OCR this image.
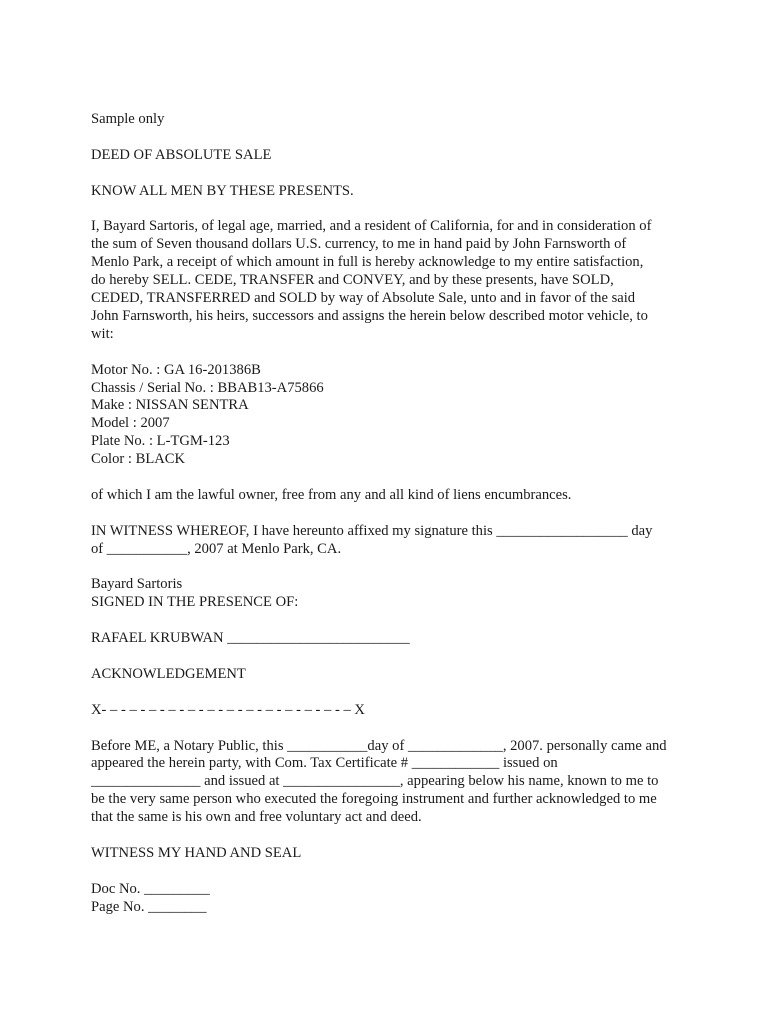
Sample only

DEED OF ABSOLUTE SALE

KNOW ALL MEN BY THESE PRESENTS.

I, Bayard Sartoris, of legal age, married, and a resident of California, for and in consideration of
the sum of Seven thousand dollars U.S. currency, to me in hand paid by John Farnsworth of
Menlo Park, a receipt of which amount in full is hereby acknowledge to my entire satisfaction,
do hereby SELL. CEDE, TRANSFER and CONVEY, and by these presents, have SOLD,
CEDED, TRANSFERRED and SOLD by way of Absolute Sale, unto and in favor of the said
John Farnsworth, his heirs, successors and assigns the herein below described motor vehicle, to
wit:
Motor No. : GA 16-201386B
Chassis / Serial No. : BBAB13-A75866
Make : NISSAN SENTRA
Model : 2007
Plate No. : L-TGM-123
Color : BLACK

of which I am the lawful owner, free from any and all kind of liens encumbrances.

IN WITNESS WHEREOF, I have hereunto affixed my signature this __________________ day
of ___________, 2007 at Menlo Park, CA.

Bayard Sartoris

SIGNED IN THE PRESENCE OF:

RAFAEL KRUBWAN _________________________

ACKNOWLEDGEMENT

X- – - – - – - – - – - – - – - – - – - – - – - – - – X

Before ME, a Notary Public, this ___________day of _____________, 2007. personally came and
appeared the herein party, with Com. Tax Certificate # ____________ issued on
_______________ and issued at ________________, appearing below his name, known to me to
be the very same person who executed the foregoing instrument and further acknowledged to me
that the same is his own and free voluntary act and deed.

WITNESS MY HAND AND SEAL

Doc No. _________

Page No. ________
